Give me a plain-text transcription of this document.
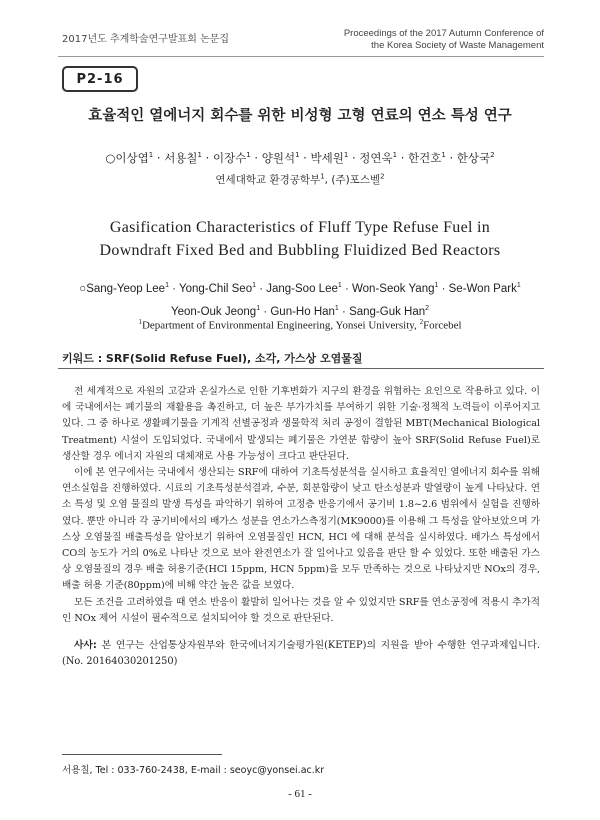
2017년도 추계학술연구발표회 논문집
Proceedings of the 2017 Autumn Conference of
the Korea Society of Waste Management
P2-16
효율적인 열에너지 회수를 위한 비성형 고형 연료의 연소 특성 연구
○이상엽$^1$ · 서용칠$^1$ · 이장수$^1$ · 양원석$^1$ · 박세원$^1$ · 정연욱$^1$ · 한건호$^1$ · 한상국$^2$
연세대학교 환경공학부$^1$, (주)포스벨$^2$
Gasification Characteristics of Fluff Type Refuse Fuel in
Downdraft Fixed Bed and Bubbling Fluidized Bed Reactors
○Sang-Yeop Lee$^1$ · Yong-Chil Seo$^1$ · Jang-Soo Lee$^1$ · Won-Seok Yang$^1$ · Se-Won Park$^1$
Yeon-Ouk Jeong$^1$ · Gun-Ho Han$^1$ · Sang-Guk Han$^2$
$^1$Department of Environmental Engineering, Yonsei University, $^2$Forcebel
키워드 : SRF(Solid Refuse Fuel), 소각, 가스상 오염물질

전 세계적으로 자원의 고갈과 온실가스로 인한 기후변화가 지구의 환경을 위협하는 요인으로 작용하고 있다. 이에 국내에서는 폐기물의 재활용을 촉진하고, 더 높은 부가가치를 부여하기 위한 기술·정책적 노력들이 이루어지고 있다. 그 중 하나로 생활폐기물을 기계적 선별공정과 생물학적 처리 공정이 결합된 MBT(Mechanical Biological Treatment) 시설이 도입되었다. 국내에서 발생되는 폐기물은 가연분 함량이 높아 SRF(Solid Refuse Fuel)로 생산할 경우 에너지 자원의 대체재로 사용 가능성이 크다고 판단된다.

이에 본 연구에서는 국내에서 생산되는 SRF에 대하여 기초특성분석을 실시하고 효율적인 열에너지 회수를 위해 연소실험을 진행하였다. 시료의 기초특성분석결과, 수분, 회분함량이 낮고 탄소성분과 발열량이 높게 나타났다. 연소 특성 및 오염 물질의 발생 특성을 파악하기 위하여 고정층 반응기에서 공기비 1.8~2.6 범위에서 실험을 진행하였다. 뿐만 아니라 각 공기비에서의 배가스 성분을 연소가스측정기(MK9000)를 이용해 그 특성을 알아보았으며 가스상 오염물질 배출특성을 알아보기 위하여 오염물질인 HCN, HCl 에 대해 분석을 실시하였다. 배가스 특성에서 CO의 농도가 거의 0%로 나타난 것으로 보아 완전연소가 잘 일어나고 있음을 판단 할 수 있었다. 또한 배출된 가스상 오염물질의 경우 배출 허용기준(HCl 15ppm, HCN 5ppm)을 모두 만족하는 것으로 나타났지만 NOx의 경우, 배출 허용 기준(80ppm)에 비해 약간 높은 값을 보였다.

모든 조건을 고려하였을 때 연소 반응이 활발히 일어나는 것을 알 수 있었지만 SRF를 연소공정에 적용시 추가적인 NOx 제어 시설이 필수적으로 설치되어야 할 것으로 판단된다.

사사: 본 연구는 산업통상자원부와 한국에너지기술평가원(KETEP)의 지원을 받아 수행한 연구과제입니다. (No. 20164030201250)
서용칠, Tel : 033-760-2438, E-mail : seoyc@yonsei.ac.kr
- 61 -
